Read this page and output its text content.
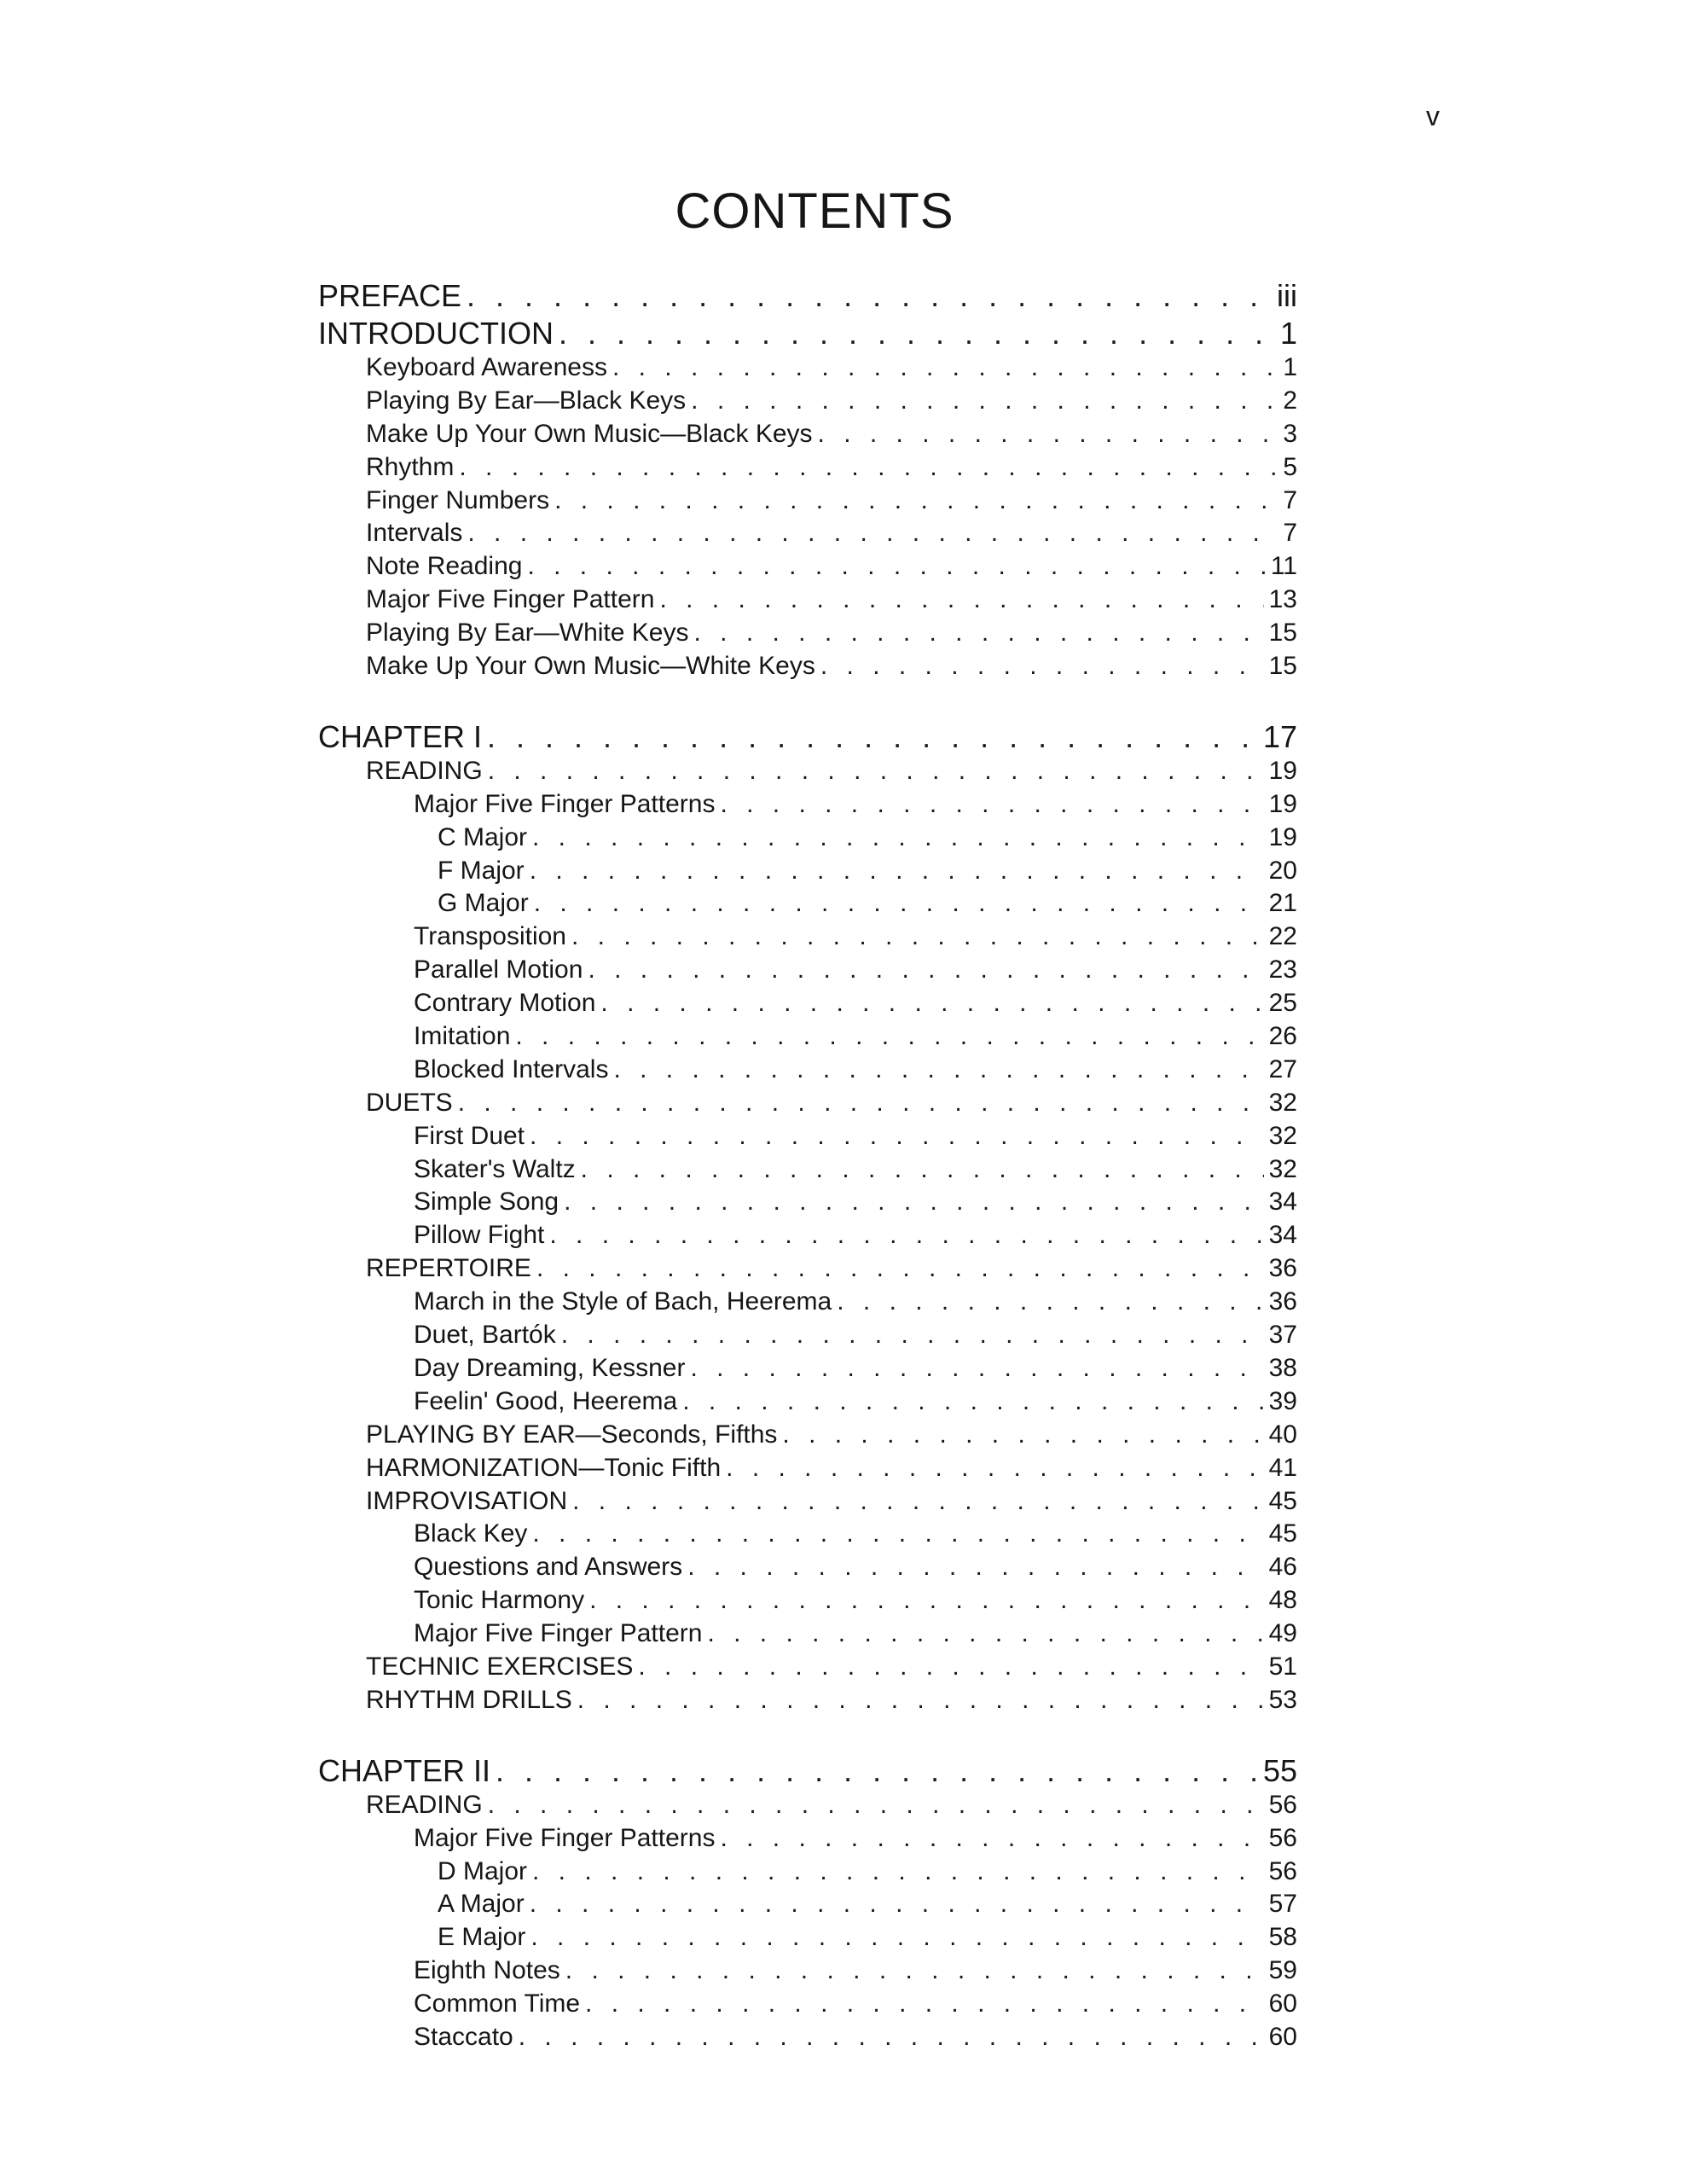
v
CONTENTS
PREFACE . . .	iii
INTRODUCTION . . .	1
Keyboard Awareness . . .	1
Playing By Ear—Black Keys . . .	2
Make Up Your Own Music—Black Keys . . .	3
Rhythm . . .	5
Finger Numbers . . .	7
Intervals . . .	7
Note Reading . . .	11
Major Five Finger Pattern . . .	13
Playing By Ear—White Keys . . .	15
Make Up Your Own Music—White Keys . . .	15
CHAPTER I . . .	17
READING . . .	19
Major Five Finger Patterns . . .	19
C Major . . .	19
F Major . . .	20
G Major . . .	21
Transposition . . .	22
Parallel Motion . . .	23
Contrary Motion . . .	25
Imitation . . .	26
Blocked Intervals . . .	27
DUETS . . .	32
First Duet . . .	32
Skater's Waltz . . .	32
Simple Song . . .	34
Pillow Fight . . .	34
REPERTOIRE . . .	36
March in the Style of Bach, Heerema . . .	36
Duet, Bartók . . .	37
Day Dreaming, Kessner . . .	38
Feelin' Good, Heerema . . .	39
PLAYING BY EAR—Seconds, Fifths . . .	40
HARMONIZATION—Tonic Fifth . . .	41
IMPROVISATION . . .	45
Black Key . . .	45
Questions and Answers . . .	46
Tonic Harmony . . .	48
Major Five Finger Pattern . . .	49
TECHNIC EXERCISES . . .	51
RHYTHM DRILLS . . .	53
CHAPTER II . . .	55
READING . . .	56
Major Five Finger Patterns . . .	56
D Major . . .	56
A Major . . .	57
E Major . . .	58
Eighth Notes . . .	59
Common Time . . .	60
Staccato . . .	60
